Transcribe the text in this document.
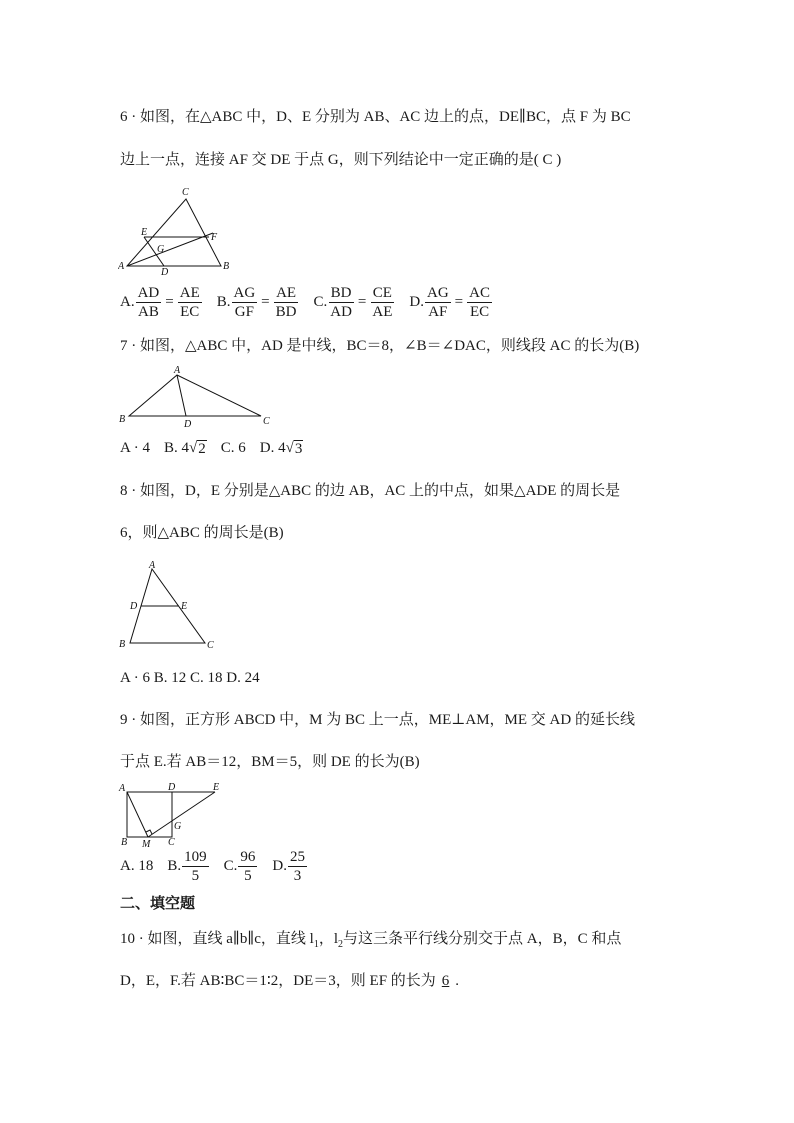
6 · 如图，在△ABC 中，D、E 分别为 AB、AC 边上的点，DE∥BC，点 F 为 BC
边上一点，连接 AF 交 DE 于点 G，则下列结论中一定正确的是( C )
C
E
G
F
A	B
D
A. $\frac{AD}{AB} = \frac{AE}{EC} B$. $\frac{AG}{GF} = \frac{AE}{BD} C$. $\frac{BD}{AD} = \frac{CE}{AE} D$. $\frac{AG}{AF} = \frac{AC}{EC}$
7 · 如图，△ABC 中，AD 是中线，BC＝8，∠B＝∠DAC，则线段 AC 的长为(B)
A
B	C
D
A · 4 B.
4 √ 2 C. 6 D.
4 √ 3
8 · 如图，D，E 分别是△ABC 的边 AB，AC 上的中点，如果△ADE 的周长是
6，则△ABC 的周长是(B)
A
D	E
B	C
A · 6 B. 12 C. 18 D. 24
9 · 如图，正方形 ABCD 中，M 为 BC 上一点，ME⊥AM，ME 交 AD 的延长线
于点 E.若 AB＝12，BM＝5，则 DE 的长为(B)
A	D	E
G
B M C
A. 18 B. $\frac{109}{5} C$. $\frac{96}{5} D$. $\frac{25}{3}$
二、填空题
10 · 如图，直线 a∥b∥c，直线 $l_1$，$l_2$与这三条平行线分别交于点 A，B，C 和点
D，E，F.若 AB∶BC＝1∶2，DE＝3，则 EF 的长为 6 .
